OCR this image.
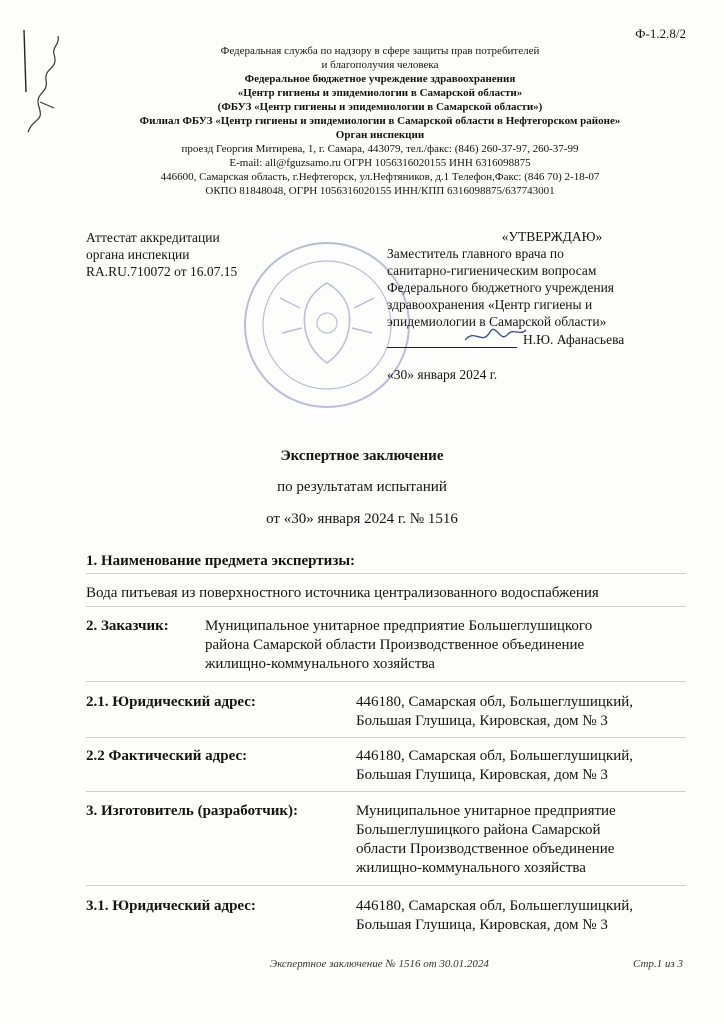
Ф-1.2.8/2
Федеральная служба по надзору в сфере защиты прав потребителей
и благополучия человека
Федеральное бюджетное учреждение здравоохранения
«Центр гигиены и эпидемиологии в Самарской области»
(ФБУЗ «Центр гигиены и эпидемиологии в Самарской области»)
Филиал ФБУЗ «Центр гигиены и эпидемиологии в Самарской области в Нефтегорском районе»
Орган инспекции
проезд Георгия Митирева, 1, г. Самара, 443079, тел./факс: (846) 260-37-97, 260-37-99
E-mail: all@fguzsamo.ru ОГРН 1056316020155 ИНН 6316098875
446600, Самарская область, г.Нефтегорск, ул.Нефтяников, д.1 Телефон,Факс: (846 70) 2-18-07
ОКПО 81848048, ОГРН 1056316020155 ИНН/КПП 6316098875/637743001
Аттестат аккредитации
органа инспекции
RA.RU.710072 от 16.07.15
«УТВЕРЖДАЮ»
Заместитель главного врача по
санитарно-гигиеническим вопросам
Федерального бюджетного учреждения
здравоохранения «Центр гигиены и
эпидемиологии в Самарской области»
Н.Ю. Афанасьева
«30» января 2024 г.
Экспертное заключение
по результатам испытаний
от «30» января 2024 г. № 1516
1. Наименование предмета экспертизы:
Вода питьевая из поверхностного источника централизованного водоспабжения
2. Заказчик: Муниципальное унитарное предприятие Большеглушицкого
района Самарской области Производственное объединение
жилищно-коммунального хозяйства
2.1. Юридический адрес:	446180, Самарская обл, Большеглушицкий,
Большая Глушица, Кировская, дом № 3
2.2 Фактический адрес:	446180, Самарская обл, Большеглушицкий,
Большая Глушица, Кировская, дом № 3
3. Изготовитель (разработчик):	Муниципальное унитарное предприятие
Большеглушицкого района Самарской
области Производственное объединение
жилищно-коммунального хозяйства
3.1. Юридический адрес:	446180, Самарская обл, Большеглушицкий,
Большая Глушица, Кировская, дом № 3
Экспертное заключение № 1516 от 30.01.2024	Стр.1 из 3
